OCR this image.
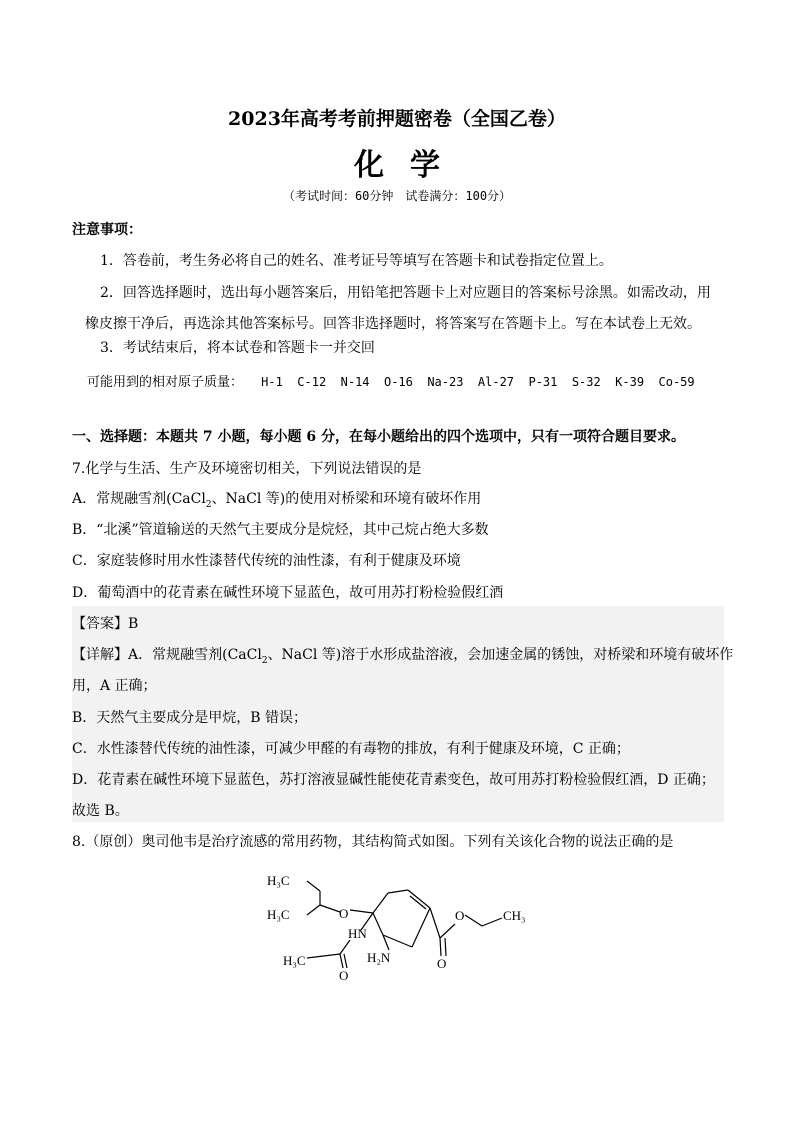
2023年高考考前押题密卷（全国乙卷）
化学
（考试时间：60分钟　试卷满分：100分）
注意事项：
1．答卷前，考生务必将自己的姓名、准考证号等填写在答题卡和试卷指定位置上。
2．回答选择题时，选出每小题答案后，用铅笔把答题卡上对应题目的答案标号涂黑。如需改动，用
橡皮擦干净后，再选涂其他答案标号。回答非选择题时，将答案写在答题卡上。写在本试卷上无效。
3．考试结束后，将本试卷和答题卡一并交回
可能用到的相对原子质量： H-1  C-12  N-14  O-16  Na-23  Al-27  P-31  S-32  K-39  Co-59
一、选择题：本题共 7 小题，每小题 6 分，在每小题给出的四个选项中，只有一项符合题目要求。
7.化学与生活、生产及环境密切相关，下列说法错误的是
A．常规融雪剂(CaCl$_2$、NaCl 等)的使用对桥梁和环境有破坏作用
B．“北溪”管道输送的天然气主要成分是烷烃，其中己烷占绝大多数
C．家庭装修时用水性漆替代传统的油性漆，有利于健康及环境
D．葡萄酒中的花青素在碱性环境下显蓝色，故可用苏打粉检验假红酒
【答案】B
【详解】A．常规融雪剂(CaCl$_2$、NaCl 等)溶于水形成盐溶液，会加速金属的锈蚀，对桥梁和环境有破坏作
用，A 正确；
B．天然气主要成分是甲烷，B 错误；
C．水性漆替代传统的油性漆，可减少甲醛的有毒物的排放，有利于健康及环境，C 正确；
D．花青素在碱性环境下显蓝色，苏打溶液显碱性能使花青素变色，故可用苏打粉检验假红酒，D 正确；
故选 B。
8.（原创）奥司他韦是治疗流感的常用药物，其结构简式如图。下列有关该化合物的说法正确的是
H₃C
H₃C	O
HN
H₂N
H₃C
O
O
O
CH₃
